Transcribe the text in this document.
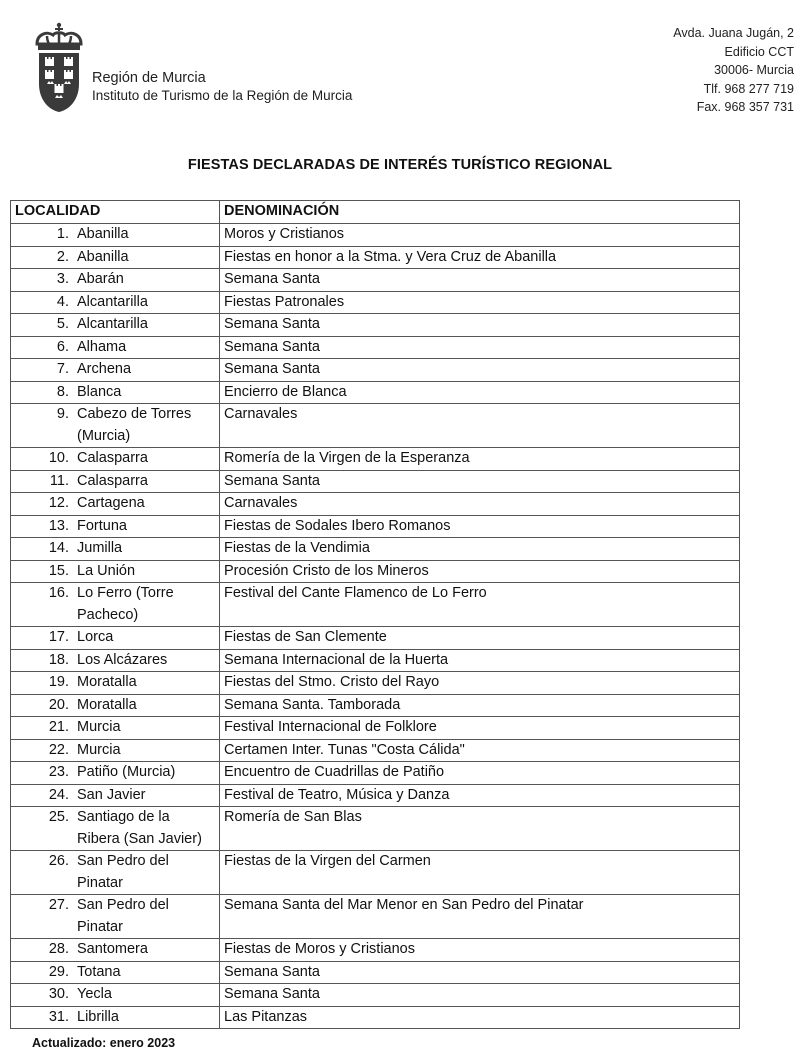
Región de Murcia
Instituto de Turismo de la Región de Murcia
Avda. Juana Jugán, 2
Edificio CCT
30006- Murcia
Tlf. 968 277 719
Fax. 968 357 731
FIESTAS DECLARADAS DE INTERÉS TURÍSTICO REGIONAL
LOCALIDAD	DENOMINACIÓN

1. Abanilla	Moros y Cristianos

2. Abanilla	Fiestas en honor a la Stma. y Vera Cruz de Abanilla

3. Abarán	Semana Santa

4. Alcantarilla	Fiestas Patronales

5. Alcantarilla	Semana Santa

6. Alhama	Semana Santa

7. Archena	Semana Santa

8. Blanca	Encierro de Blanca

9. Cabezo de Torres (Murcia)	Carnavales

10. Calasparra	Romería de la Virgen de la Esperanza

11. Calasparra	Semana Santa

12. Cartagena	Carnavales

13. Fortuna	Fiestas de Sodales Ibero Romanos

14. Jumilla	Fiestas de la Vendimia

15. La Unión	Procesión Cristo de los Mineros

16. Lo Ferro (Torre Pacheco)	Festival del Cante Flamenco de Lo Ferro

17. Lorca	Fiestas de San Clemente

18. Los Alcázares	Semana Internacional de la Huerta

19. Moratalla	Fiestas del Stmo. Cristo del Rayo

20. Moratalla	Semana Santa. Tamborada

21. Murcia	Festival Internacional de Folklore

22. Murcia	Certamen Inter. Tunas "Costa Cálida"

23. Patiño (Murcia)	Encuentro de Cuadrillas de Patiño

24. San Javier	Festival de Teatro, Música y Danza

25. Santiago de la Ribera (San Javier)	Romería de San Blas

26. San Pedro del Pinatar	Fiestas de la Virgen del Carmen

27. San Pedro del Pinatar	Semana Santa del Mar Menor en San Pedro del Pinatar

28. Santomera	Fiestas de Moros y Cristianos

29. Totana	Semana Santa

30. Yecla	Semana Santa

31. Librilla	Las Pitanzas
Actualizado: enero 2023
